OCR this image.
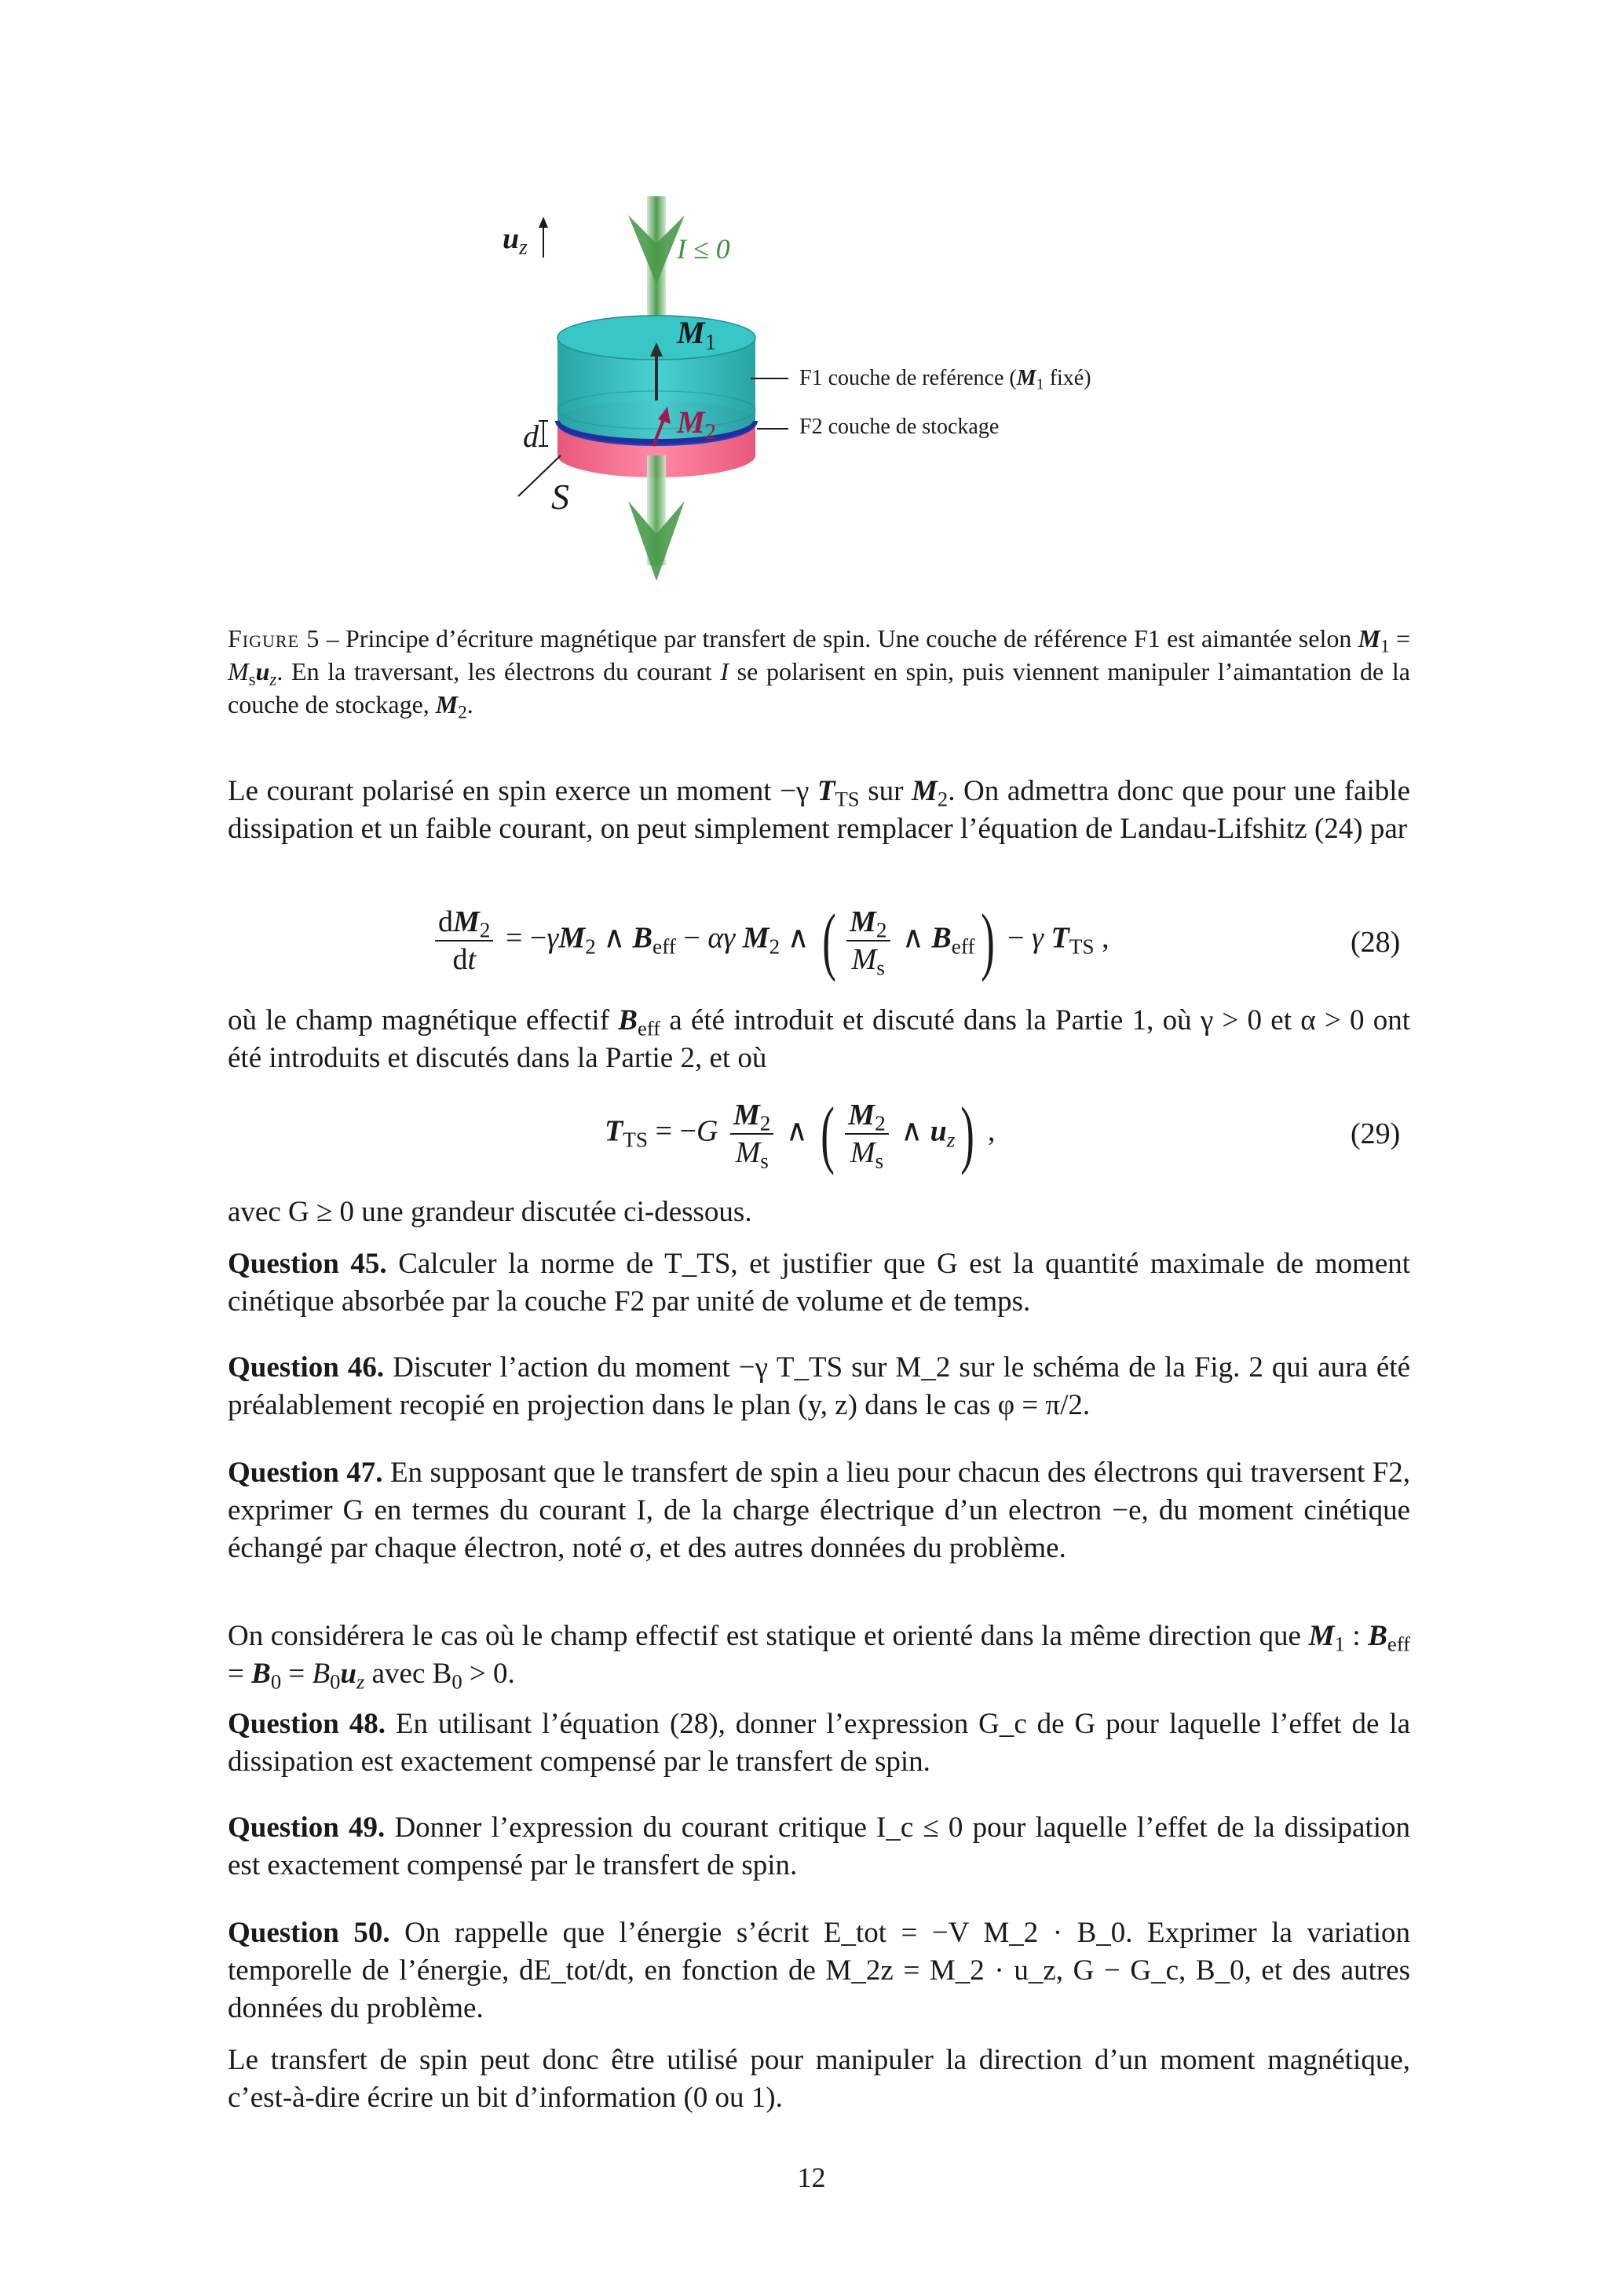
$u_z$	I ≤ 0
$M_1$
$M_2$
d
S
F1 couche de reférence ($M_1$ fixé)
F2 couche de stockage
Figure 5 – Principe d’écriture magnétique par transfert de spin. Une couche de référence F1 est aimantée selon $M_1 = M_su_z$. En la traversant, les électrons du courant I se polarisent en spin, puis viennent manipuler l’aimantation de la couche de stockage, $M_2$.
Le courant polarisé en spin exerce un moment −γ $T_{TS}$ sur $M_2$. On admettra donc que pour une faible dissipation et un faible courant, on peut simplement remplacer l’équation de Landau-Lifshitz (24) par
$\frac{dM_2}{dt} = -\gamma M_2$ ∧ $B_{eff} - \alpha\gamma$ $M_2$ ∧ ( $\frac{M_2}{M_s}$ ∧ $B_{eff}) - \gamma$ $T_{TS}$ ,	(28)
où le champ magnétique effectif $B_{eff}$ a été introduit et discuté dans la Partie 1, où γ > 0 et α > 0 ont été introduits et discutés dans la Partie 2, et où
$T_{TS} = -G \frac{M_2}{M_s}$ ∧ ( $\frac{M_2}{M_s}$ ∧ $u_z$) ,	(29)
avec G ≥ 0 une grandeur discutée ci-dessous.
Question 45. Calculer la norme de T_TS, et justifier que G est la quantité maximale de moment cinétique absorbée par la couche F2 par unité de volume et de temps.
Question 46. Discuter l’action du moment −γ T_TS sur M_2 sur le schéma de la Fig. 2 qui aura été préalablement recopié en projection dans le plan (y, z) dans le cas φ = π/2.
Question 47. En supposant que le transfert de spin a lieu pour chacun des électrons qui traversent F2, exprimer G en termes du courant I, de la charge électrique d’un electron −e, du moment cinétique échangé par chaque électron, noté σ, et des autres données du problème.
On considérera le cas où le champ effectif est statique et orienté dans la même direction que $M_1$ : $B_{eff} = B_0 = B_0u_z$ avec $B_0 > 0$.
Question 48. En utilisant l’équation (28), donner l’expression G_c de G pour laquelle l’effet de la dissipation est exactement compensé par le transfert de spin.
Question 49. Donner l’expression du courant critique I_c ≤ 0 pour laquelle l’effet de la dissipation est exactement compensé par le transfert de spin.
Question 50. On rappelle que l’énergie s’écrit E_tot = −V M_2 · B_0. Exprimer la variation temporelle de l’énergie, dE_tot/dt, en fonction de M_2z = M_2 · u_z, G − G_c, B_0, et des autres données du problème.
Le transfert de spin peut donc être utilisé pour manipuler la direction d’un moment magnétique, c’est-à-dire écrire un bit d’information (0 ou 1).
12
